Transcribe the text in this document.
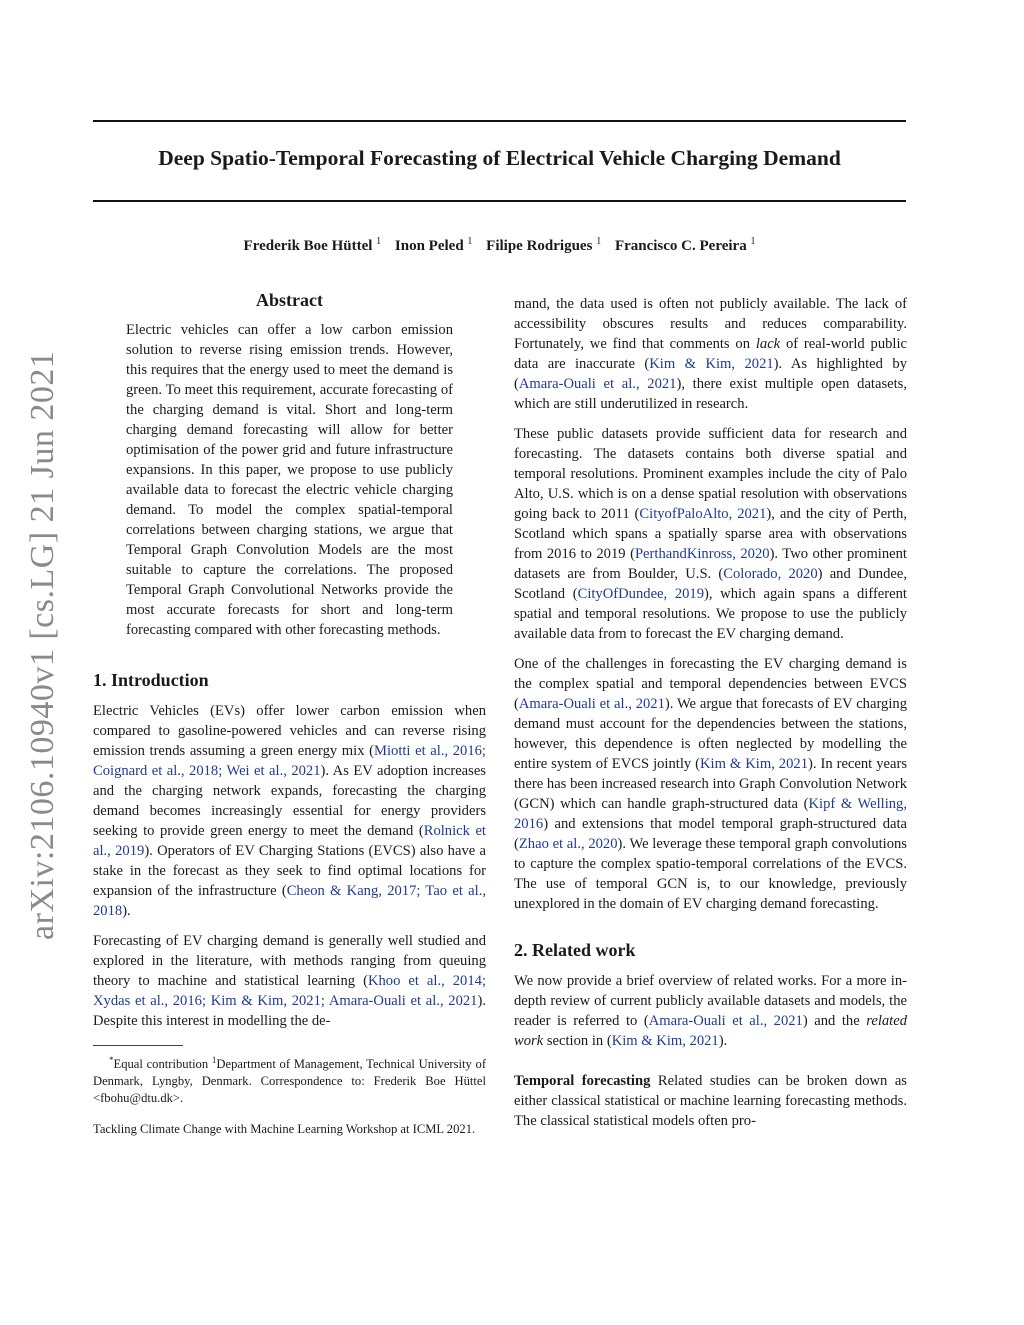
Deep Spatio-Temporal Forecasting of Electrical Vehicle Charging Demand
Frederik Boe Hüttel $^1$ Inon Peled $^1$ Filipe Rodrigues $^1$ Francisco C. Pereira $^1$
arXiv:2106.10940v1 [cs.LG] 21 Jun 2021
Abstract

Electric vehicles can offer a low carbon emission solution to reverse rising emission trends. However, this requires that the energy used to meet the demand is green. To meet this requirement, accurate forecasting of the charging demand is vital. Short and long-term charging demand forecasting will allow for better optimisation of the power grid and future infrastructure expansions. In this paper, we propose to use publicly available data to forecast the electric vehicle charging demand. To model the complex spatial-temporal correlations between charging stations, we argue that Temporal Graph Convolution Models are the most suitable to capture the correlations. The proposed Temporal Graph Convolutional Networks provide the most accurate forecasts for short and long-term forecasting compared with other forecasting methods.

1. Introduction

Electric Vehicles (EVs) offer lower carbon emission when compared to gasoline-powered vehicles and can reverse rising emission trends assuming a green energy mix (Miotti et al., 2016; Coignard et al., 2018; Wei et al., 2021). As EV adoption increases and the charging network expands, forecasting the charging demand becomes increasingly essential for energy providers seeking to provide green energy to meet the demand (Rolnick et al., 2019). Operators of EV Charging Stations (EVCS) also have a stake in the forecast as they seek to find optimal locations for expansion of the infrastructure (Cheon & Kang, 2017; Tao et al., 2018).

Forecasting of EV charging demand is generally well studied and explored in the literature, with methods ranging from queuing theory to machine and statistical learning (Khoo et al., 2014; Xydas et al., 2016; Kim & Kim, 2021; Amara-Ouali et al., 2021). Despite this interest in modelling the de-

*Equal contribution $^1$Department of Management, Technical University of Denmark, Lyngby, Denmark. Correspondence to: Frederik Boe Hüttel <fbohu@dtu.dk>.

Tackling Climate Change with Machine Learning Workshop at ICML 2021.

mand, the data used is often not publicly available. The lack of accessibility obscures results and reduces comparability. Fortunately, we find that comments on lack of real-world public data are inaccurate (Kim & Kim, 2021). As highlighted by (Amara-Ouali et al., 2021), there exist multiple open datasets, which are still underutilized in research.

These public datasets provide sufficient data for research and forecasting. The datasets contains both diverse spatial and temporal resolutions. Prominent examples include the city of Palo Alto, U.S. which is on a dense spatial resolution with observations going back to 2011 (CityofPaloAlto, 2021), and the city of Perth, Scotland which spans a spatially sparse area with observations from 2016 to 2019 (PerthandKinross, 2020). Two other prominent datasets are from Boulder, U.S. (Colorado, 2020) and Dundee, Scotland (CityOfDundee, 2019), which again spans a different spatial and temporal resolutions. We propose to use the publicly available data from to forecast the EV charging demand.

One of the challenges in forecasting the EV charging demand is the complex spatial and temporal dependencies between EVCS (Amara-Ouali et al., 2021). We argue that forecasts of EV charging demand must account for the dependencies between the stations, however, this dependence is often neglected by modelling the entire system of EVCS jointly (Kim & Kim, 2021). In recent years there has been increased research into Graph Convolution Network (GCN) which can handle graph-structured data (Kipf & Welling, 2016) and extensions that model temporal graph-structured data (Zhao et al., 2020). We leverage these temporal graph convolutions to capture the complex spatio-temporal correlations of the EVCS. The use of temporal GCN is, to our knowledge, previously unexplored in the domain of EV charging demand forecasting.

2. Related work

We now provide a brief overview of related works. For a more in-depth review of current publicly available datasets and models, the reader is referred to (Amara-Ouali et al., 2021) and the related work section in (Kim & Kim, 2021).

Temporal forecasting Related studies can be broken down as either classical statistical or machine learning forecasting methods. The classical statistical models often pro-
